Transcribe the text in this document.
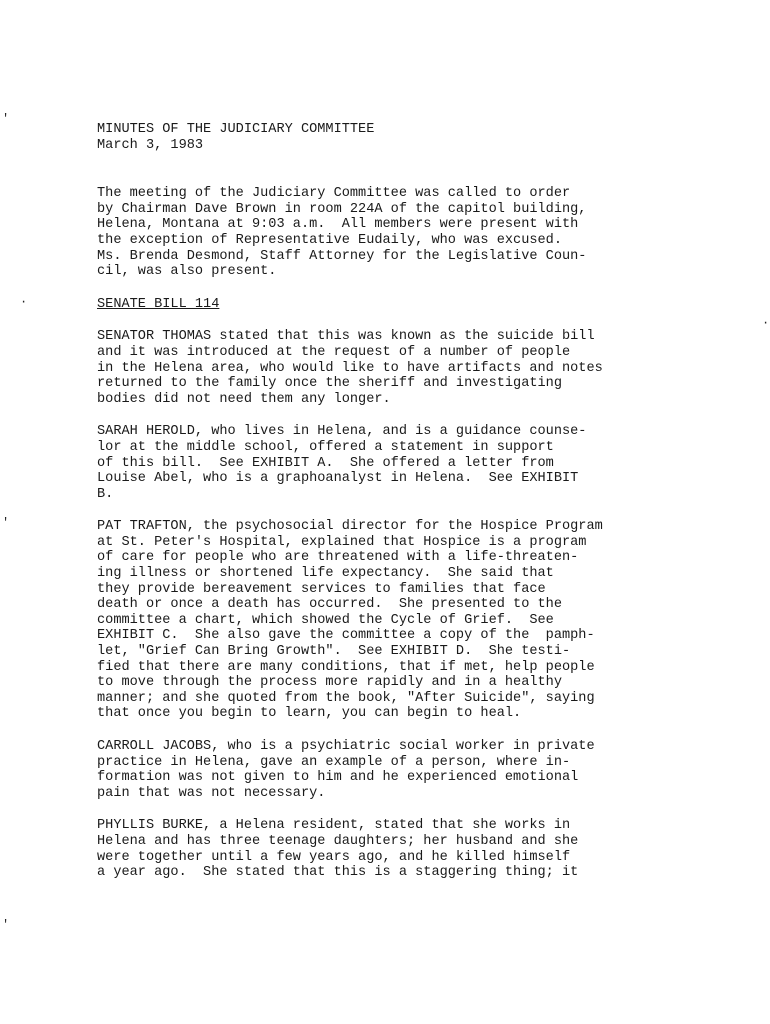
'
·
·
'
'
MINUTES OF THE JUDICIARY COMMITTEE
March 3, 1983
The meeting of the Judiciary Committee was called to order
by Chairman Dave Brown in room 224A of the capitol building,
Helena, Montana at 9:03 a.m.  All members were present with
the exception of Representative Eudaily, who was excused.
Ms. Brenda Desmond, Staff Attorney for the Legislative Coun-
cil, was also present.
SENATE BILL 114
SENATOR THOMAS stated that this was known as the suicide bill
and it was introduced at the request of a number of people
in the Helena area, who would like to have artifacts and notes
returned to the family once the sheriff and investigating
bodies did not need them any longer.
SARAH HEROLD, who lives in Helena, and is a guidance counse-
lor at the middle school, offered a statement in support
of this bill.  See EXHIBIT A.  She offered a letter from
Louise Abel, who is a graphoanalyst in Helena.  See EXHIBIT
B.
PAT TRAFTON, the psychosocial director for the Hospice Program
at St. Peter's Hospital, explained that Hospice is a program
of care for people who are threatened with a life-threaten-
ing illness or shortened life expectancy.  She said that
they provide bereavement services to families that face
death or once a death has occurred.  She presented to the
committee a chart, which showed the Cycle of Grief.  See
EXHIBIT C.  She also gave the committee a copy of the  pamph-
let, "Grief Can Bring Growth".  See EXHIBIT D.  She testi-
fied that there are many conditions, that if met, help people
to move through the process more rapidly and in a healthy
manner; and she quoted from the book, "After Suicide", saying
that once you begin to learn, you can begin to heal.
CARROLL JACOBS, who is a psychiatric social worker in private
practice in Helena, gave an example of a person, where in-
formation was not given to him and he experienced emotional
pain that was not necessary.
PHYLLIS BURKE, a Helena resident, stated that she works in
Helena and has three teenage daughters; her husband and she
were together until a few years ago, and he killed himself
a year ago.  She stated that this is a staggering thing; it
